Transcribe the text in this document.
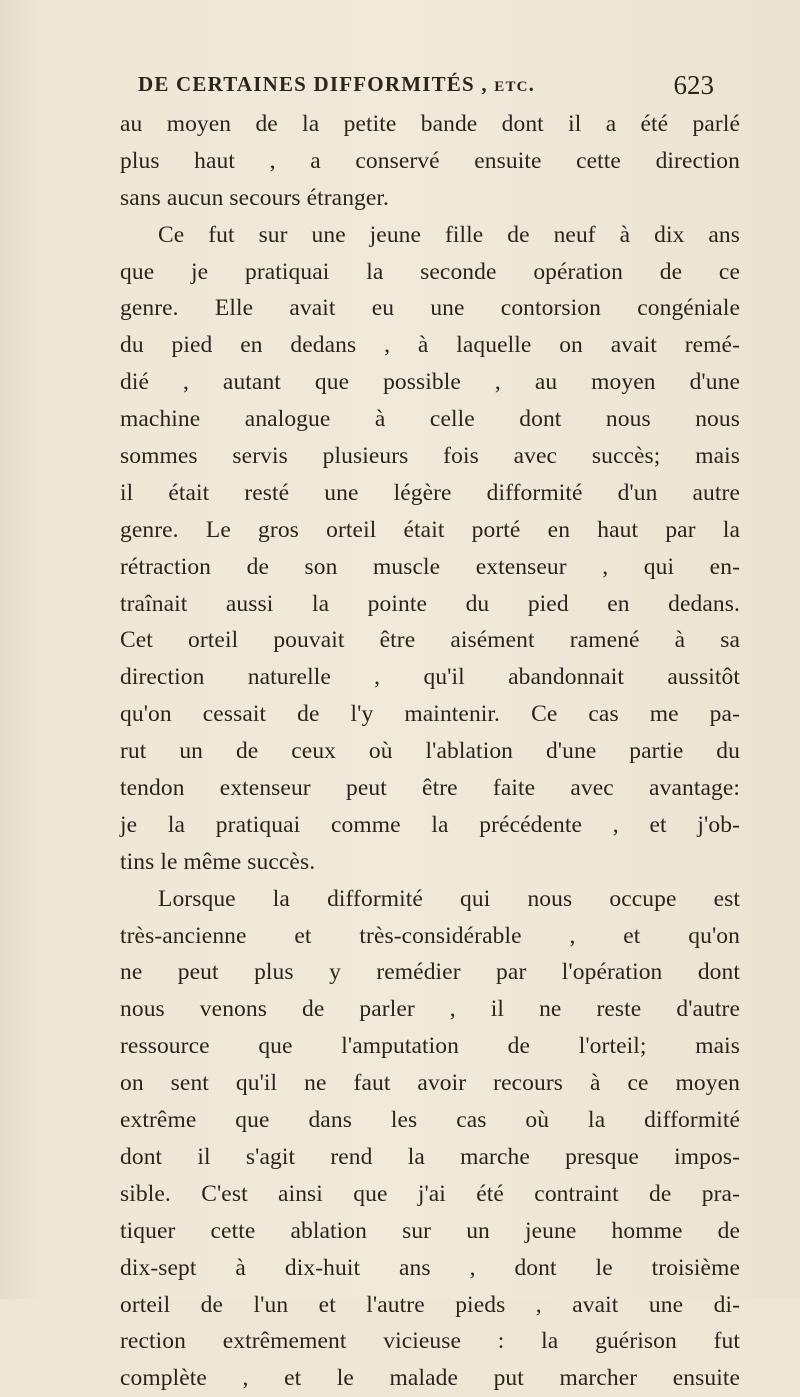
DE CERTAINES DIFFORMITÉS , etc.	623
au moyen de la petite bande dont il a été parlé
plus haut , a conservé ensuite cette direction
sans aucun secours étranger.
Ce fut sur une jeune fille de neuf à dix ans
que je pratiquai la seconde opération de ce
genre. Elle avait eu une contorsion congéniale
du pied en dedans , à laquelle on avait remé-
dié , autant que possible , au moyen d'une
machine analogue à celle dont nous nous
sommes servis plusieurs fois avec succès; mais
il était resté une légère difformité d'un autre
genre. Le gros orteil était porté en haut par la
rétraction de son muscle extenseur , qui en-
traînait aussi la pointe du pied en dedans.
Cet orteil pouvait être aisément ramené à sa
direction naturelle , qu'il abandonnait aussitôt
qu'on cessait de l'y maintenir. Ce cas me pa-
rut un de ceux où l'ablation d'une partie du
tendon extenseur peut être faite avec avantage:
je la pratiquai comme la précédente , et j'ob-
tins le même succès.
Lorsque la difformité qui nous occupe est
très-ancienne et très-considérable , et qu'on
ne peut plus y remédier par l'opération dont
nous venons de parler , il ne reste d'autre
ressource que l'amputation de l'orteil; mais
on sent qu'il ne faut avoir recours à ce moyen
extrême que dans les cas où la difformité
dont il s'agit rend la marche presque impos-
sible. C'est ainsi que j'ai été contraint de pra-
tiquer cette ablation sur un jeune homme de
dix-sept à dix-huit ans , dont le troisième
orteil de l'un et l'autre pieds , avait une di-
rection extrêmement vicieuse : la guérison fut
complète , et le malade put marcher ensuite
